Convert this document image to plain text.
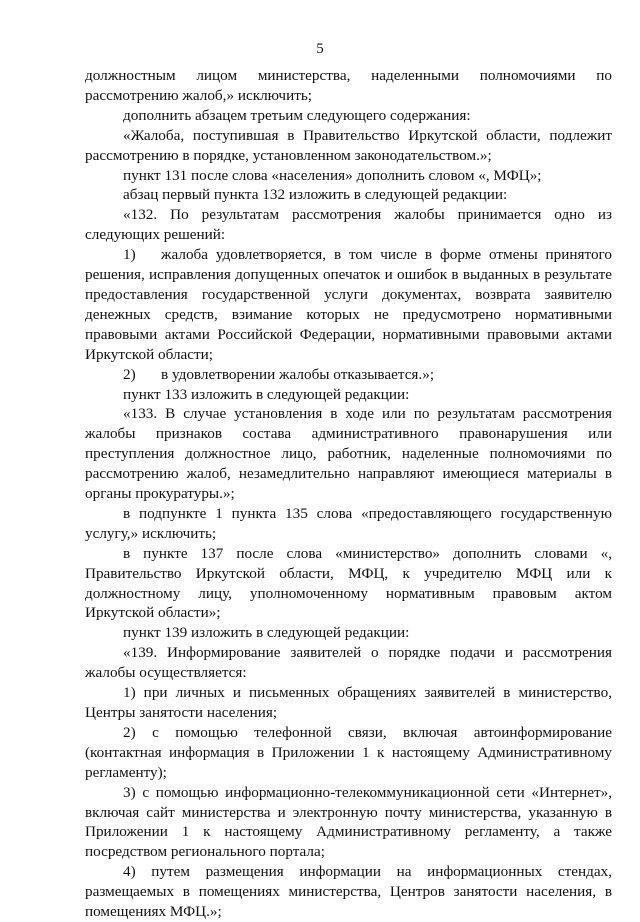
5

должностным лицом министерства, наделенными полномочиями по рассмотрению жалоб,» исключить;

дополнить абзацем третьим следующего содержания:

«Жалоба, поступившая в Правительство Иркутской области, подлежит рассмотрению в порядке, установленном законодательством.»;

пункт 131 после слова «населения» дополнить словом «, МФЦ»;

абзац первый пункта 132 изложить в следующей редакции:

«132. По результатам рассмотрения жалобы принимается одно из следующих решений:

1) жалоба удовлетворяется, в том числе в форме отмены принятого решения, исправления допущенных опечаток и ошибок в выданных в результате предоставления государственной услуги документах, возврата заявителю денежных средств, взимание которых не предусмотрено нормативными правовыми актами Российской Федерации, нормативными правовыми актами Иркутской области;

2) в удовлетворении жалобы отказывается.»;

пункт 133 изложить в следующей редакции:

«133. В случае установления в ходе или по результатам рассмотрения жалобы признаков состава административного правонарушения или преступления должностное лицо, работник, наделенные полномочиями по рассмотрению жалоб, незамедлительно направляют имеющиеся материалы в органы прокуратуры.»;

в подпункте 1 пункта 135 слова «предоставляющего государственную услугу,» исключить;

в пункте 137 после слова «министерство» дополнить словами «, Правительство Иркутской области, МФЦ, к учредителю МФЦ или к должностному лицу, уполномоченному нормативным правовым актом Иркутской области»;

пункт 139 изложить в следующей редакции:

«139. Информирование заявителей о порядке подачи и рассмотрения жалобы осуществляется:

1) при личных и письменных обращениях заявителей в министерство, Центры занятости населения;

2) с помощью телефонной связи, включая автоинформирование (контактная информация в Приложении 1 к настоящему Административному регламенту);

3) с помощью информационно-телекоммуникационной сети «Интернет», включая сайт министерства и электронную почту министерства, указанную в Приложении 1 к настоящему Административному регламенту, а также посредством регионального портала;

4) путем размещения информации на информационных стендах, размещаемых в помещениях министерства, Центров занятости населения, в помещениях МФЦ.»;
